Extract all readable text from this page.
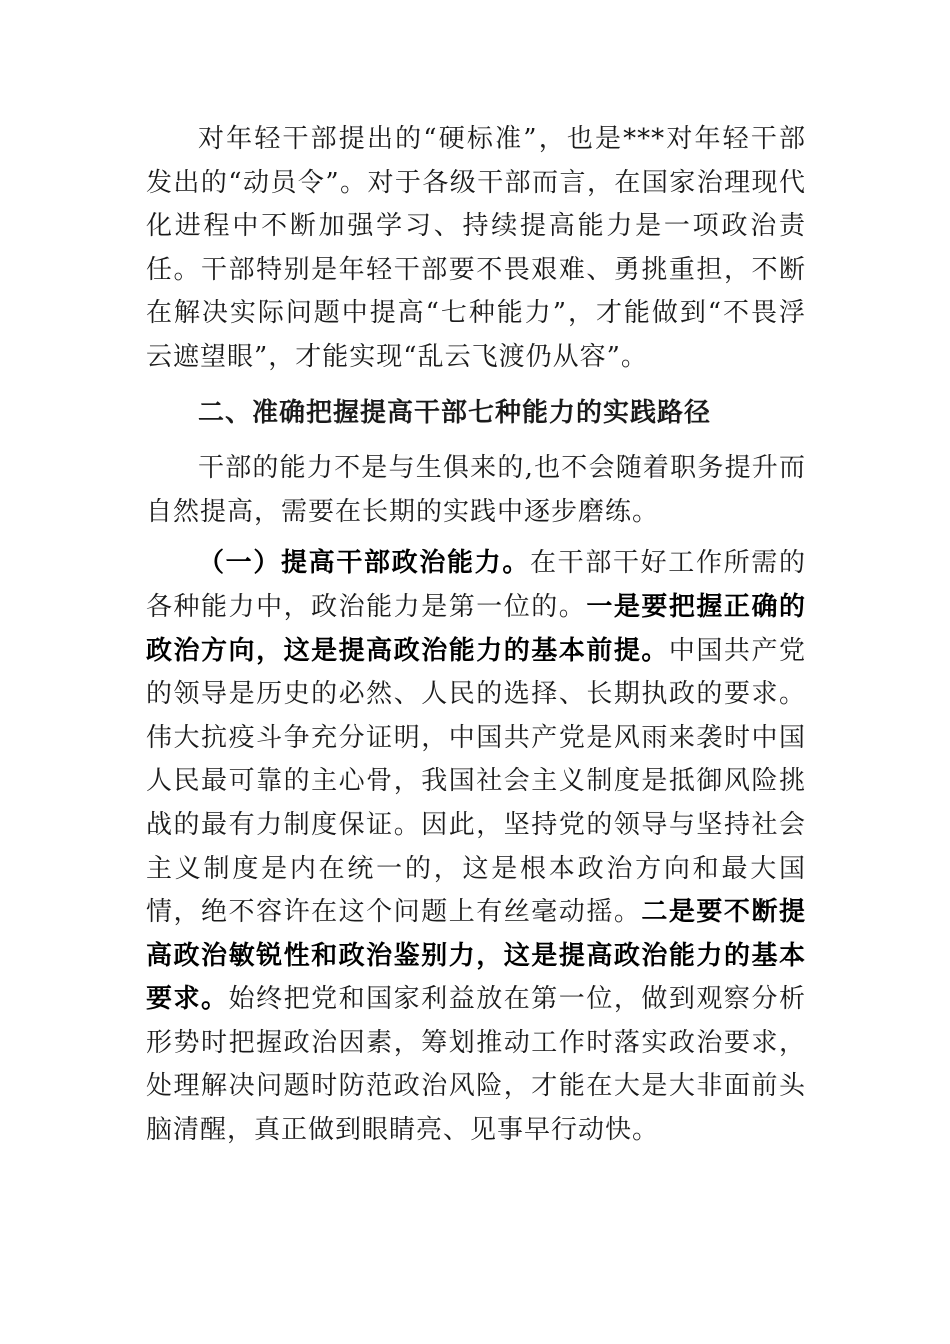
对年轻干部提出的“硬标准”，也是***对年轻干部发出的“动员令”。对于各级干部而言，在国家治理现代化进程中不断加强学习、持续提高能力是一项政治责任。干部特别是年轻干部要不畏艰难、勇挑重担，不断在解决实际问题中提高“七种能力”，才能做到“不畏浮云遮望眼”，才能实现“乱云飞渡仍从容”。

二、准确把握提高干部七种能力的实践路径

干部的能力不是与生俱来的,也不会随着职务提升而自然提高，需要在长期的实践中逐步磨练。

（一）提高干部政治能力。在干部干好工作所需的各种能力中，政治能力是第一位的。一是要把握正确的政治方向，这是提高政治能力的基本前提。中国共产党的领导是历史的必然、人民的选择、长期执政的要求。伟大抗疫斗争充分证明，中国共产党是风雨来袭时中国人民最可靠的主心骨，我国社会主义制度是抵御风险挑战的最有力制度保证。因此，坚持党的领导与坚持社会主义制度是内在统一的，这是根本政治方向和最大国情，绝不容许在这个问题上有丝毫动摇。二是要不断提高政治敏锐性和政治鉴别力，这是提高政治能力的基本要求。始终把党和国家利益放在第一位，做到观察分析形势时把握政治因素，筹划推动工作时落实政治要求，处理解决问题时防范政治风险，才能在大是大非面前头脑清醒，真正做到眼睛亮、见事早行动快。
